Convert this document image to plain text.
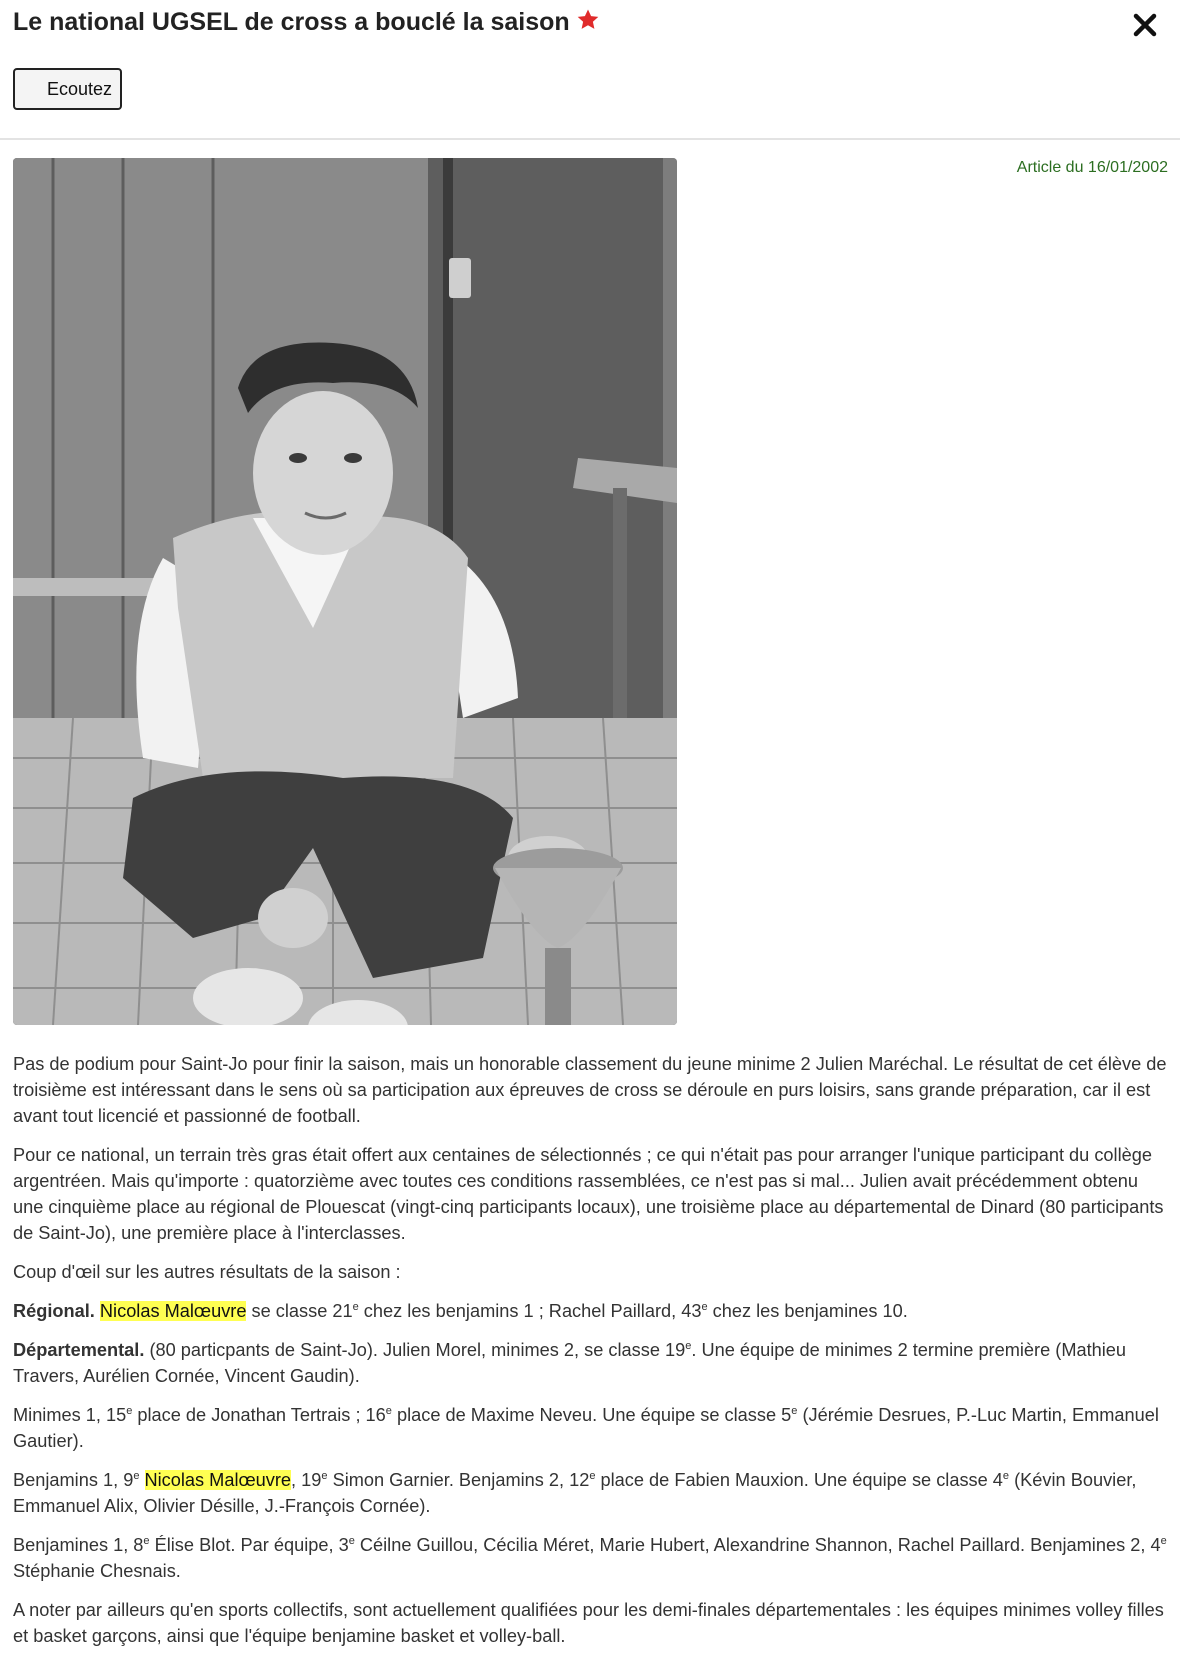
Le national UGSEL de cross a bouclé la saison
Ecoutez
Article du 16/01/2002

Pas de podium pour Saint-Jo pour finir la saison, mais un honorable classement du jeune minime 2 Julien Maréchal. Le résultat de cet élève de troisième est intéressant dans le sens où sa participation aux épreuves de cross se déroule en purs loisirs, sans grande préparation, car il est avant tout licencié et passionné de football.

Pour ce national, un terrain très gras était offert aux centaines de sélectionnés ; ce qui n'était pas pour arranger l'unique participant du collège argentréen. Mais qu'importe : quatorzième avec toutes ces conditions rassemblées, ce n'est pas si mal... Julien avait précédemment obtenu une cinquième place au régional de Plouescat (vingt-cinq participants locaux), une troisième place au départemental de Dinard (80 participants de Saint-Jo), une première place à l'interclasses.

Coup d'œil sur les autres résultats de la saison :

Régional. Nicolas Malœuvre se classe 21e chez les benjamins 1 ; Rachel Paillard, 43e chez les benjamines 10.

Départemental. (80 particpants de Saint-Jo). Julien Morel, minimes 2, se classe 19e. Une équipe de minimes 2 termine première (Mathieu Travers, Aurélien Cornée, Vincent Gaudin).

Minimes 1, 15e place de Jonathan Tertrais ; 16e place de Maxime Neveu. Une équipe se classe 5e (Jérémie Desrues, P.-Luc Martin, Emmanuel Gautier).

Benjamins 1, 9e Nicolas Malœuvre, 19e Simon Garnier. Benjamins 2, 12e place de Fabien Mauxion. Une équipe se classe 4e (Kévin Bouvier, Emmanuel Alix, Olivier Désille, J.-François Cornée).

Benjamines 1, 8e Élise Blot. Par équipe, 3e Céilne Guillou, Cécilia Méret, Marie Hubert, Alexandrine Shannon, Rachel Paillard. Benjamines 2, 4e Stéphanie Chesnais.

A noter par ailleurs qu'en sports collectifs, sont actuellement qualifiées pour les demi-finales départementales : les équipes minimes volley filles et basket garçons, ainsi que l'équipe benjamine basket et volley-ball.
